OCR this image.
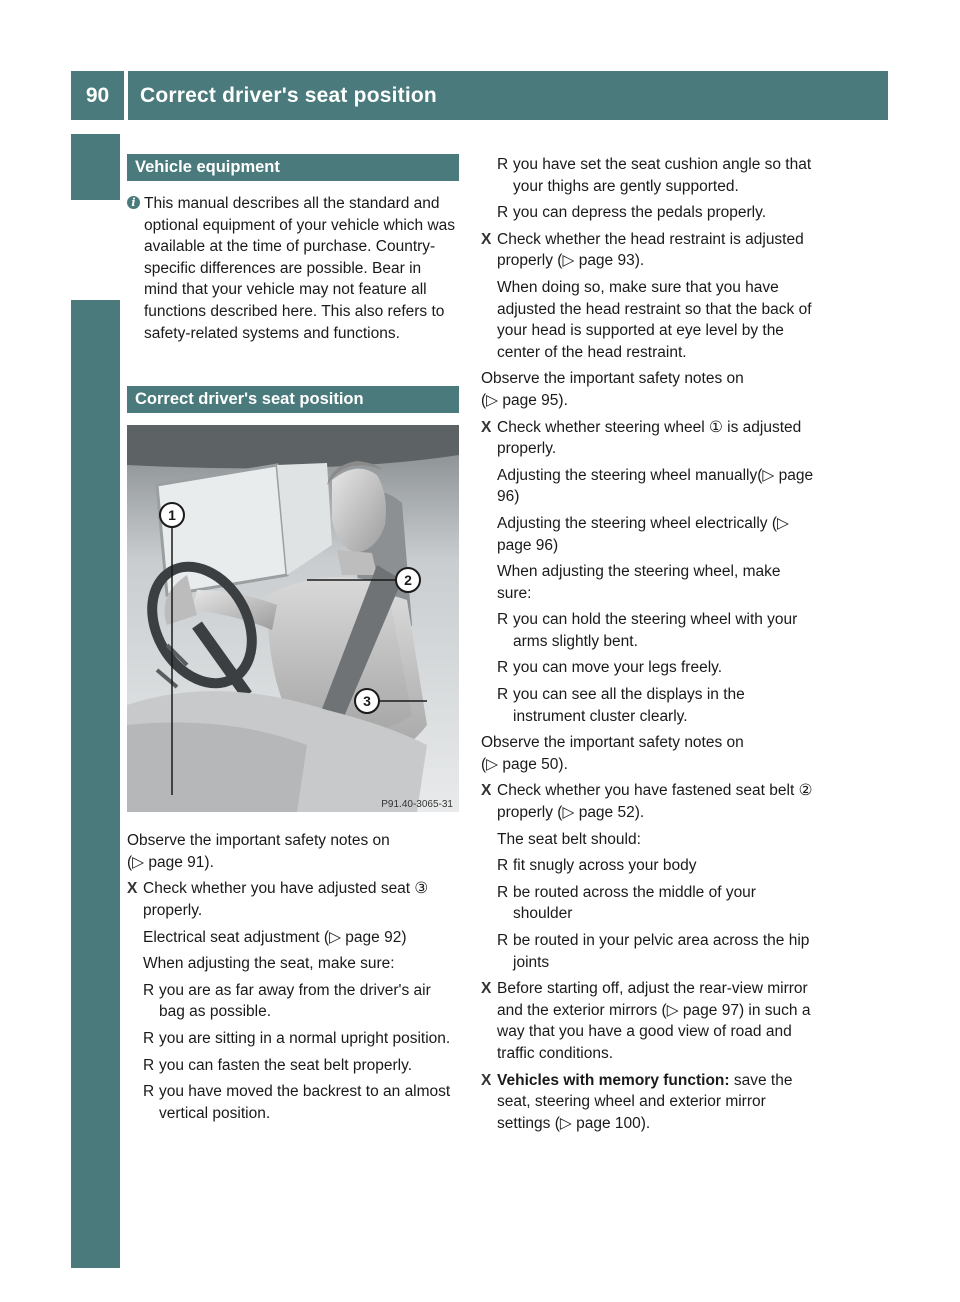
90	Correct driver's seat position
Seats, steering wheel and mirrors
Vehicle equipment
i This manual describes all the standard and optional equipment of your vehicle which was available at the time of purchase. Country-specific differences are possible. Bear in mind that your vehicle may not feature all functions described here. This also refers to safety-related systems and functions.
Correct driver's seat position
1
2
3
P91.40-3065-31

Observe the important safety notes on

(▷ page 91).

X Check whether you have adjusted seat ③ properly.
Electrical seat adjustment (▷ page 92)
When adjusting the seat, make sure:
R you are as far away from the driver's air bag as possible.
R you are sitting in a normal upright position.
R you can fasten the seat belt properly.
R you have moved the backrest to an almost vertical position.
R you have set the seat cushion angle so that your thighs are gently supported.
R you can depress the pedals properly.
X Check whether the head restraint is adjusted properly (▷ page 93).
When doing so, make sure that you have adjusted the head restraint so that the back of your head is supported at eye level by the center of the head restraint.

Observe the important safety notes on

(▷ page 95).

X Check whether steering wheel ① is adjusted properly.
Adjusting the steering wheel manually(▷ page 96)
Adjusting the steering wheel electrically (▷ page 96)
When adjusting the steering wheel, make sure:
R you can hold the steering wheel with your arms slightly bent.
R you can move your legs freely.
R you can see all the displays in the instrument cluster clearly.

Observe the important safety notes on

(▷ page 50).

X Check whether you have fastened seat belt ② properly (▷ page 52).
The seat belt should:
R fit snugly across your body
R be routed across the middle of your shoulder
R be routed in your pelvic area across the hip joints
X Before starting off, adjust the rear-view mirror and the exterior mirrors (▷ page 97) in such a way that you have a good view of road and traffic conditions.
X Vehicles with memory function: save the seat, steering wheel and exterior mirror settings (▷ page 100).
